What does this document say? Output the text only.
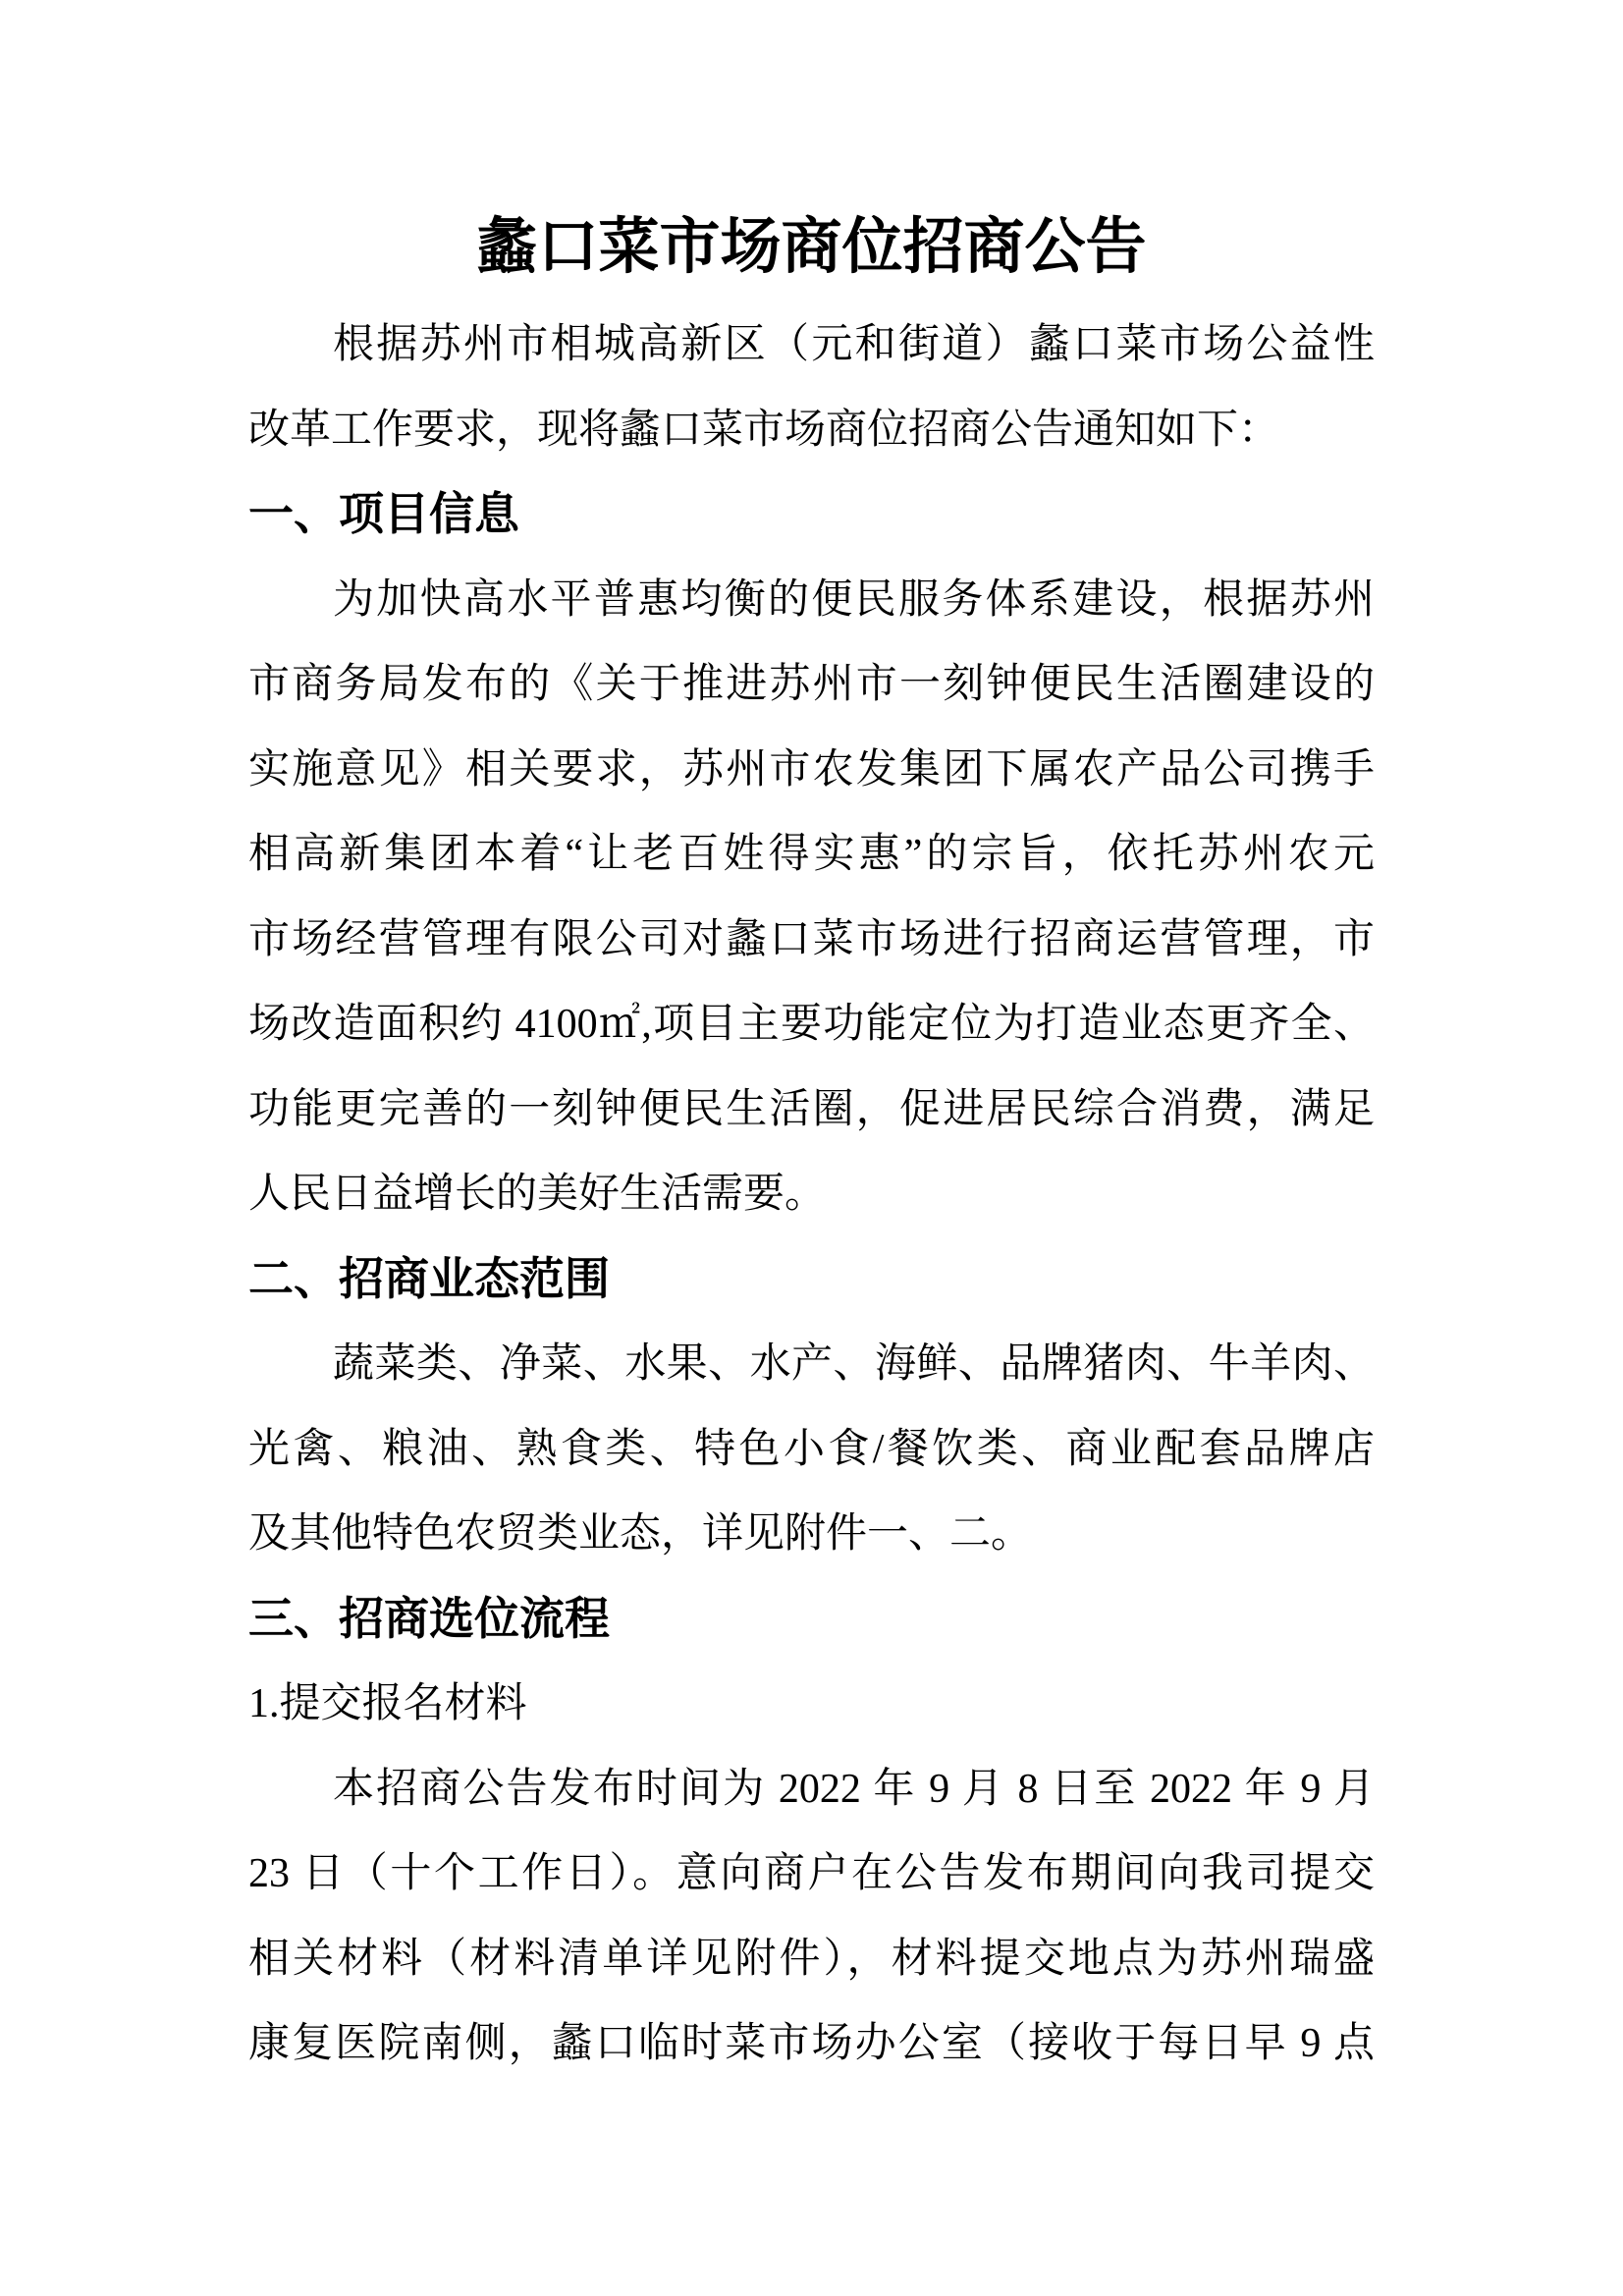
蠡口菜市场商位招商公告
根据苏州市相城高新区（元和街道）蠡口菜市场公益性
改革工作要求，现将蠡口菜市场商位招商公告通知如下：
一、项目信息
为加快高水平普惠均衡的便民服务体系建设，根据苏州
市商务局发布的《关于推进苏州市一刻钟便民生活圈建设的
实施意见》相关要求，苏州市农发集团下属农产品公司携手
相高新集团本着“让老百姓得实惠”的宗旨，依托苏州农元
市场经营管理有限公司对蠡口菜市场进行招商运营管理，市
场改造面积约 4100㎡,项目主要功能定位为打造业态更齐全、
功能更完善的一刻钟便民生活圈，促进居民综合消费，满足
人民日益增长的美好生活需要。
二、招商业态范围
蔬菜类、净菜、水果、水产、海鲜、品牌猪肉、牛羊肉、
光禽、粮油、熟食类、特色小食/餐饮类、商业配套品牌店
及其他特色农贸类业态，详见附件一、二。
三、招商选位流程
1.提交报名材料
本招商公告发布时间为 2022 年 9 月 8 日至 2022 年 9 月
23 日（十个工作日）。意向商户在公告发布期间向我司提交
相关材料（材料清单详见附件），材料提交地点为苏州瑞盛
康复医院南侧，蠡口临时菜市场办公室（接收于每日早 9 点
